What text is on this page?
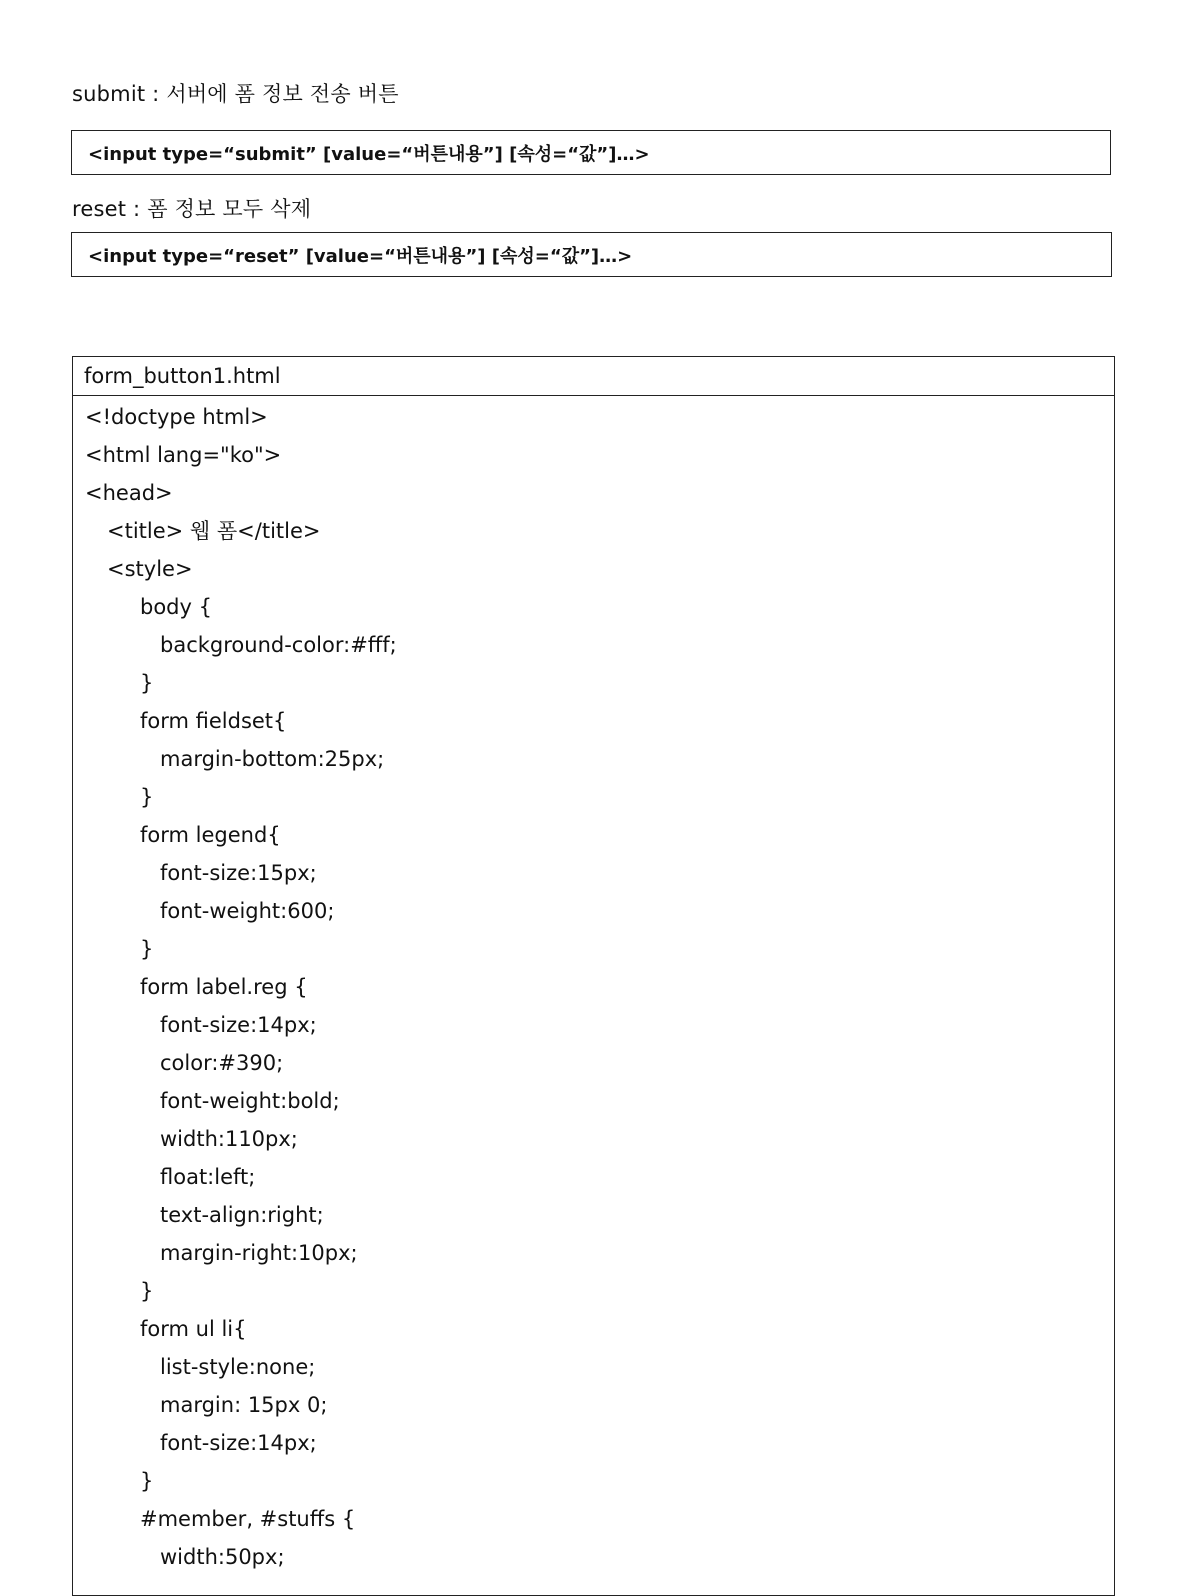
submit : 서버에 폼 정보 전송 버튼
<input type=“submit” [value=“버튼내용”] [속성=“값”]…>
reset : 폼 정보 모두 삭제
<input type=“reset” [value=“버튼내용”] [속성=“값”]…>
form_button1.html
<!doctype html>
<html lang="ko">
<head>
<title> 웹 폼</title>
<style>
body {
background-color:#fff;
}
form fieldset{
margin-bottom:25px;
}
form legend{
font-size:15px;
font-weight:600;
}
form label.reg {
font-size:14px;
color:#390;
font-weight:bold;
width:110px;
float:left;
text-align:right;
margin-right:10px;
}
form ul li{
list-style:none;
margin: 15px 0;
font-size:14px;
}
#member, #stuffs {
width:50px;
